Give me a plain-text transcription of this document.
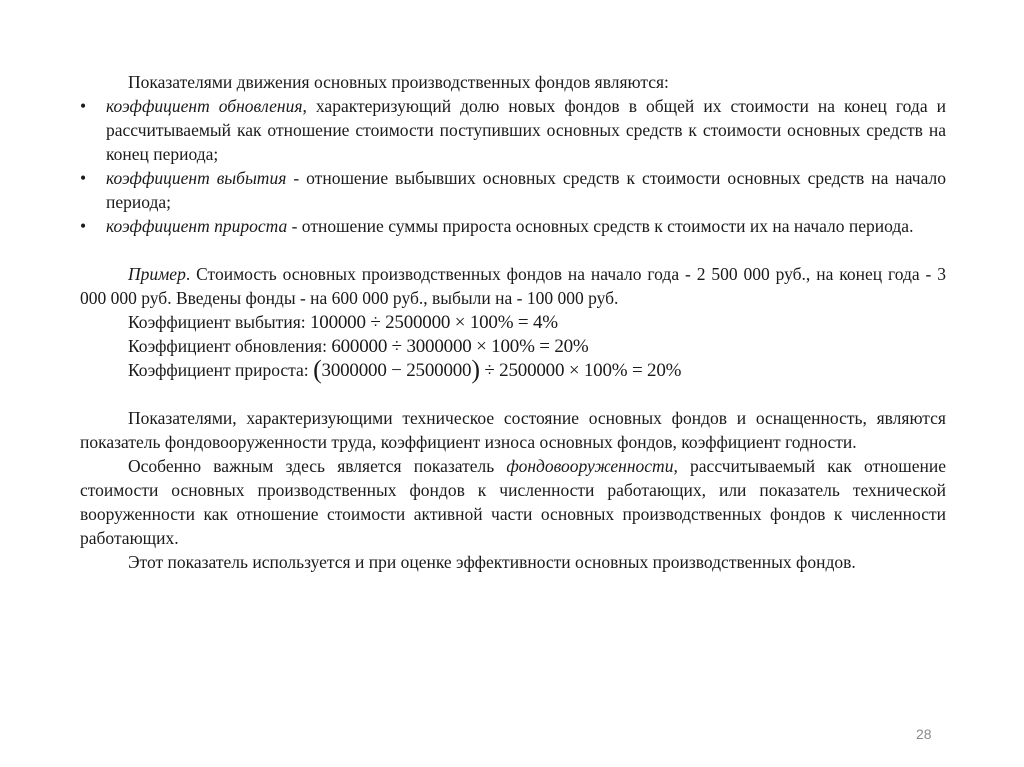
Показателями движения основных производственных фондов являются:

• коэффициент обновления, характеризующий долю новых фондов в общей их стоимости на конец года и рассчитываемый как отношение стоимости поступивших основных средств к стоимости основных средств на конец периода;
• коэффициент выбытия - отношение выбывших основных средств к стоимости основных средств на начало периода;
• коэффициент прироста - отношение суммы прироста основных средств к стоимости их на начало периода.

Пример. Стоимость основных производственных фондов на начало года - 2 500 000 руб., на конец года - 3 000 000 руб. Введены фонды - на 600 000 руб., выбыли на - 100 000 руб.

Коэффициент выбытия: 100000 ÷ 2500000 × 100% = 4%
Коэффициент обновления: 600000 ÷ 3000000 × 100% = 20%
Коэффициент прироста: (3000000 − 2500000) ÷ 2500000 × 100% = 20%

Показателями, характеризующими техническое состояние основных фондов и оснащенность, являются показатель фондовооруженности труда, коэффициент износа основных фондов, коэффициент годности.

Особенно важным здесь является показатель фондовооруженности, рассчитываемый как отношение стоимости основных производственных фондов к численности работающих, или показатель технической вооруженности как отношение стоимости активной части основных производственных фондов к численности работающих.

Этот показатель используется и при оценке эффективности основных производственных фондов.

28
